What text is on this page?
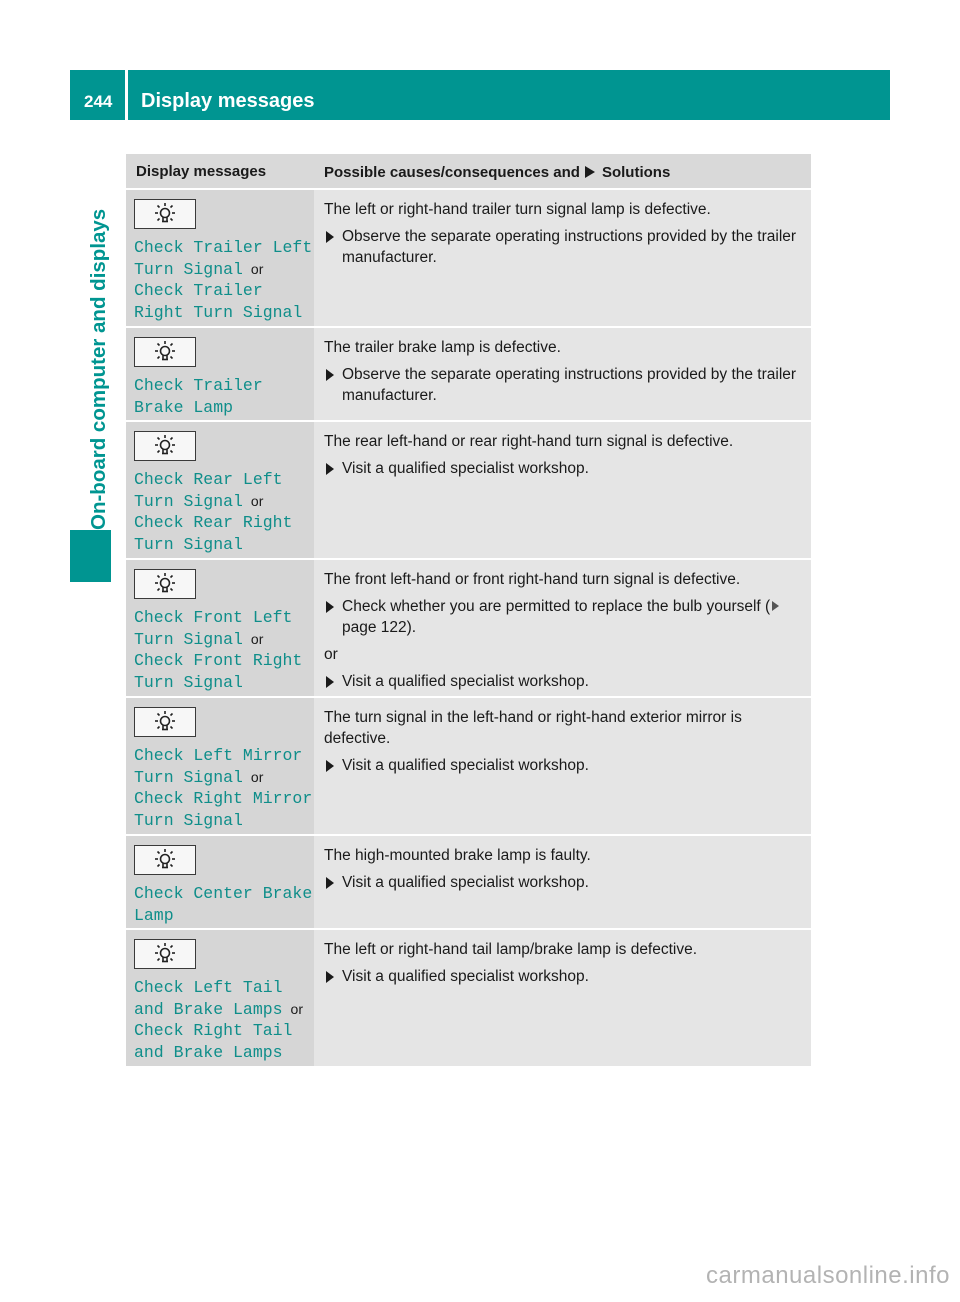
244 Display messages
On-board computer and displays
Display messages	Possible causes/consequences and Solutions
Check Trailer Left
Turn Signal or
Check Trailer
Right Turn Signal
The left or right-hand trailer turn signal lamp is defective.
Observe the separate operating instructions provided by the trailer manufacturer.
Check Trailer
Brake Lamp
The trailer brake lamp is defective.
Observe the separate operating instructions provided by the trailer manufacturer.
Check Rear Left
Turn Signal or
Check Rear Right
Turn Signal
The rear left-hand or rear right-hand turn signal is defective.
Visit a qualified specialist workshop.
Check Front Left
Turn Signal or
Check Front Right
Turn Signal
The front left-hand or front right-hand turn signal is defective.
Check whether you are permitted to replace the bulb yourself (page 122).
or
Visit a qualified specialist workshop.
Check Left Mirror
Turn Signal or
Check Right Mirror
Turn Signal
The turn signal in the left-hand or right-hand exterior mirror is defective.
Visit a qualified specialist workshop.
Check Center Brake
Lamp
The high-mounted brake lamp is faulty.
Visit a qualified specialist workshop.
Check Left Tail
and Brake Lamps or
Check Right Tail
and Brake Lamps
The left or right-hand tail lamp/brake lamp is defective.
Visit a qualified specialist workshop.
carmanualsonline.info
